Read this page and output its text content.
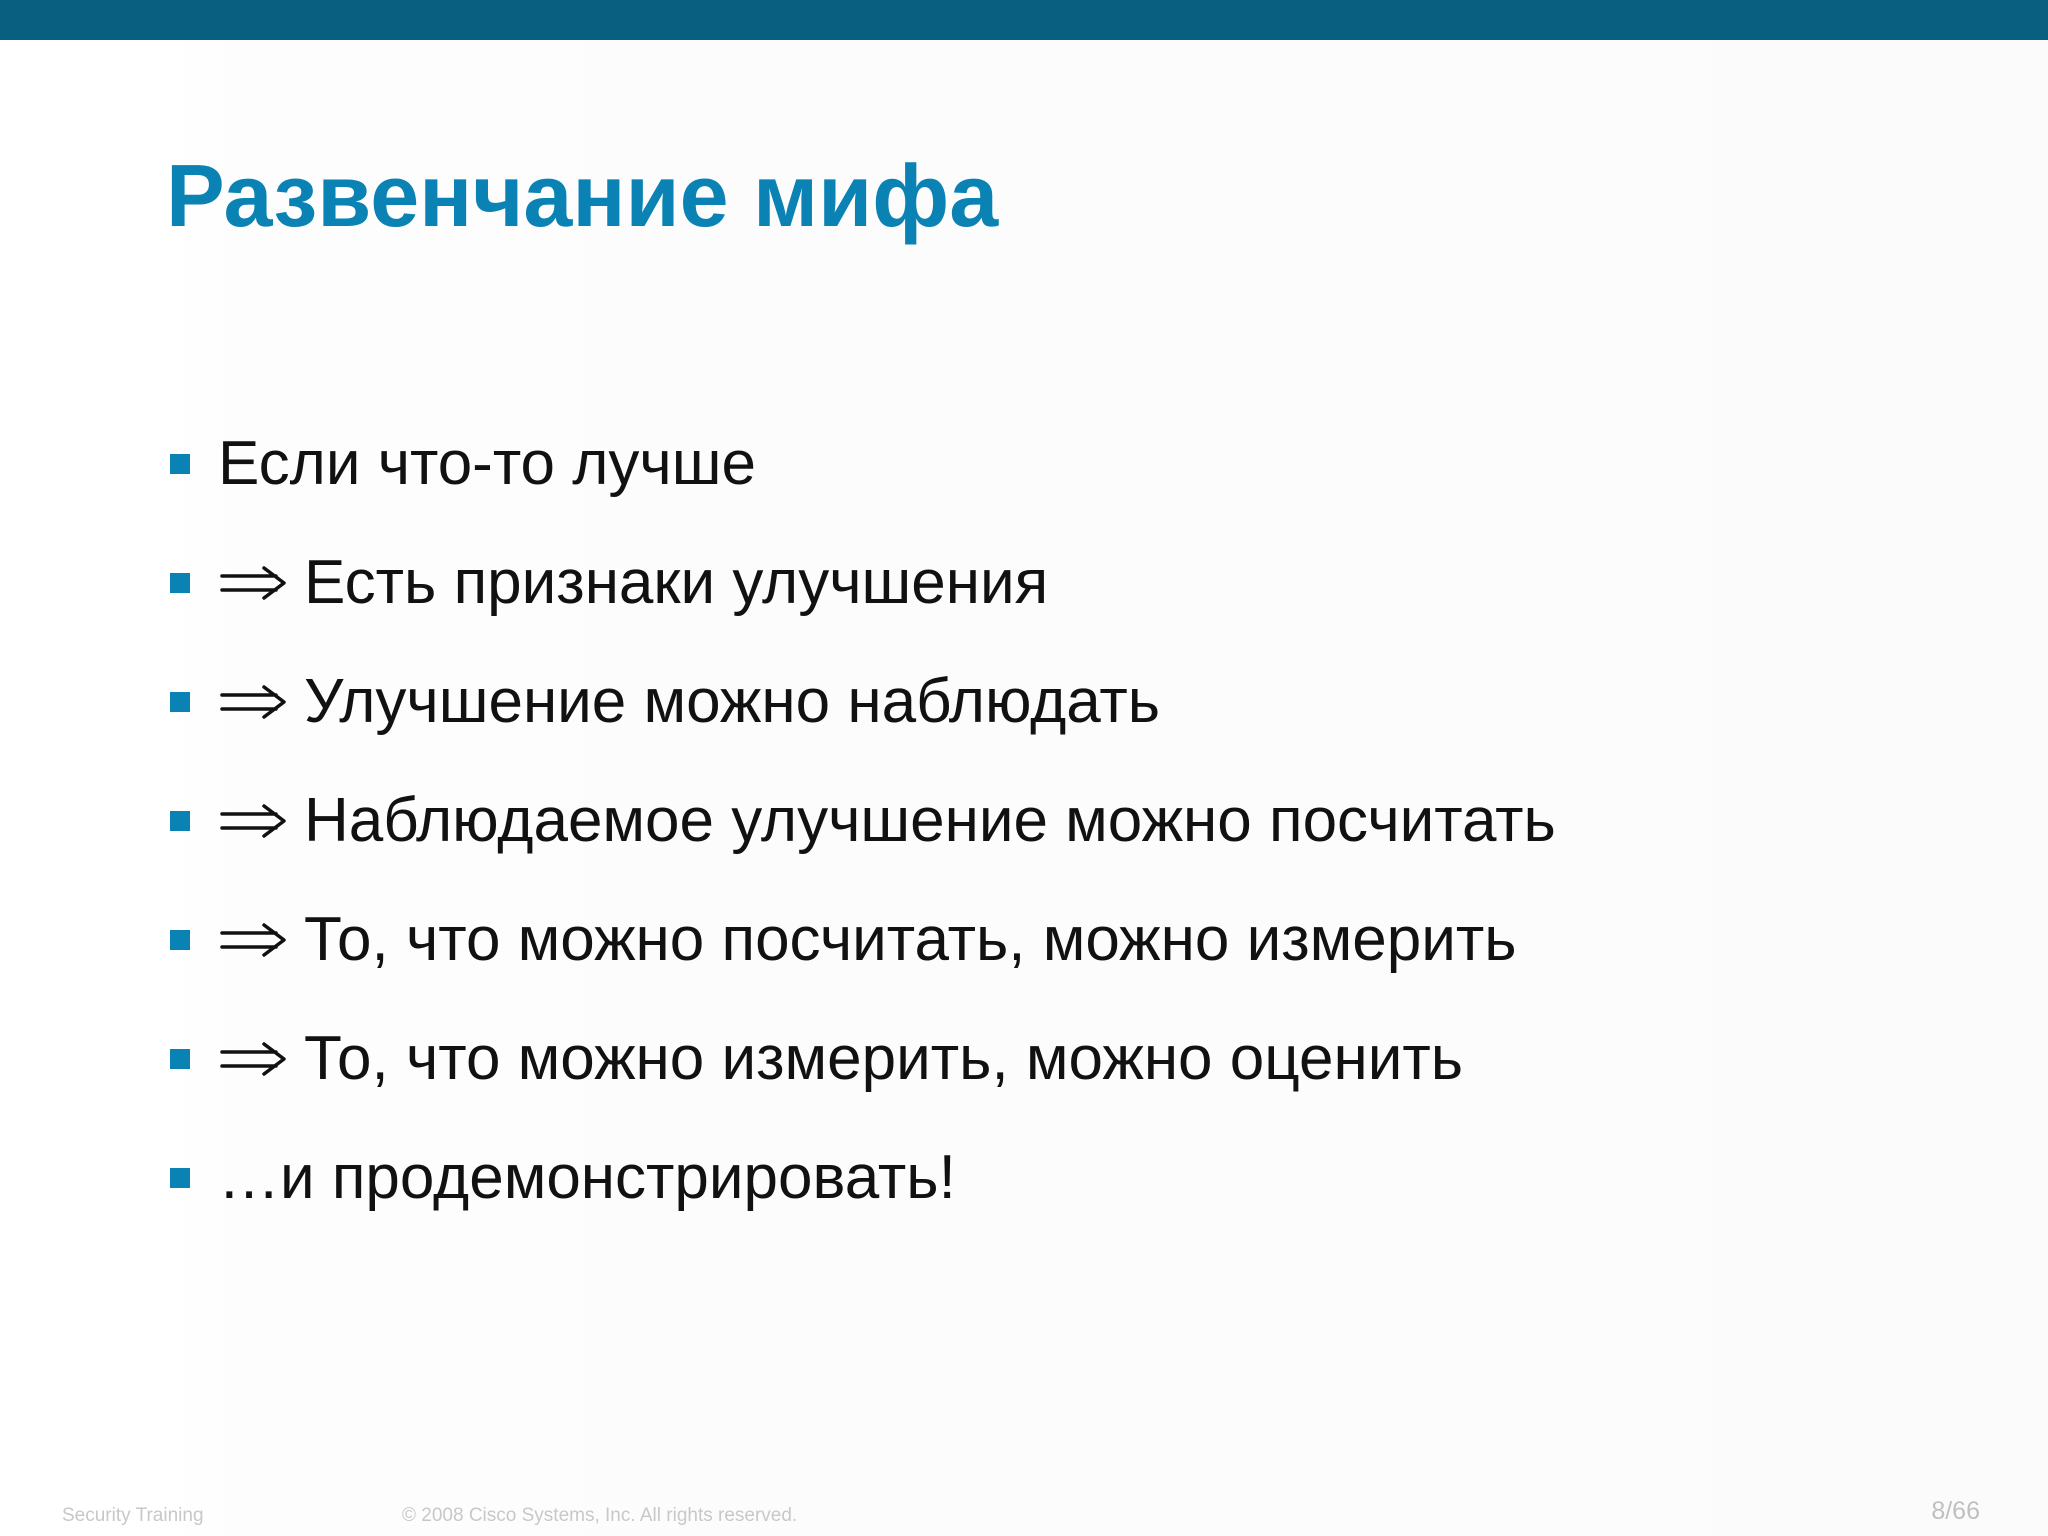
Развенчание мифа
Если что-то лучше
Есть признаки улучшения
Улучшение можно наблюдать
Наблюдаемое улучшение можно посчитать
То, что можно посчитать, можно измерить
То, что можно измерить, можно оценить
…и продемонстрировать!
Security Training	© 2008 Cisco Systems, Inc. All rights reserved.	8/66
